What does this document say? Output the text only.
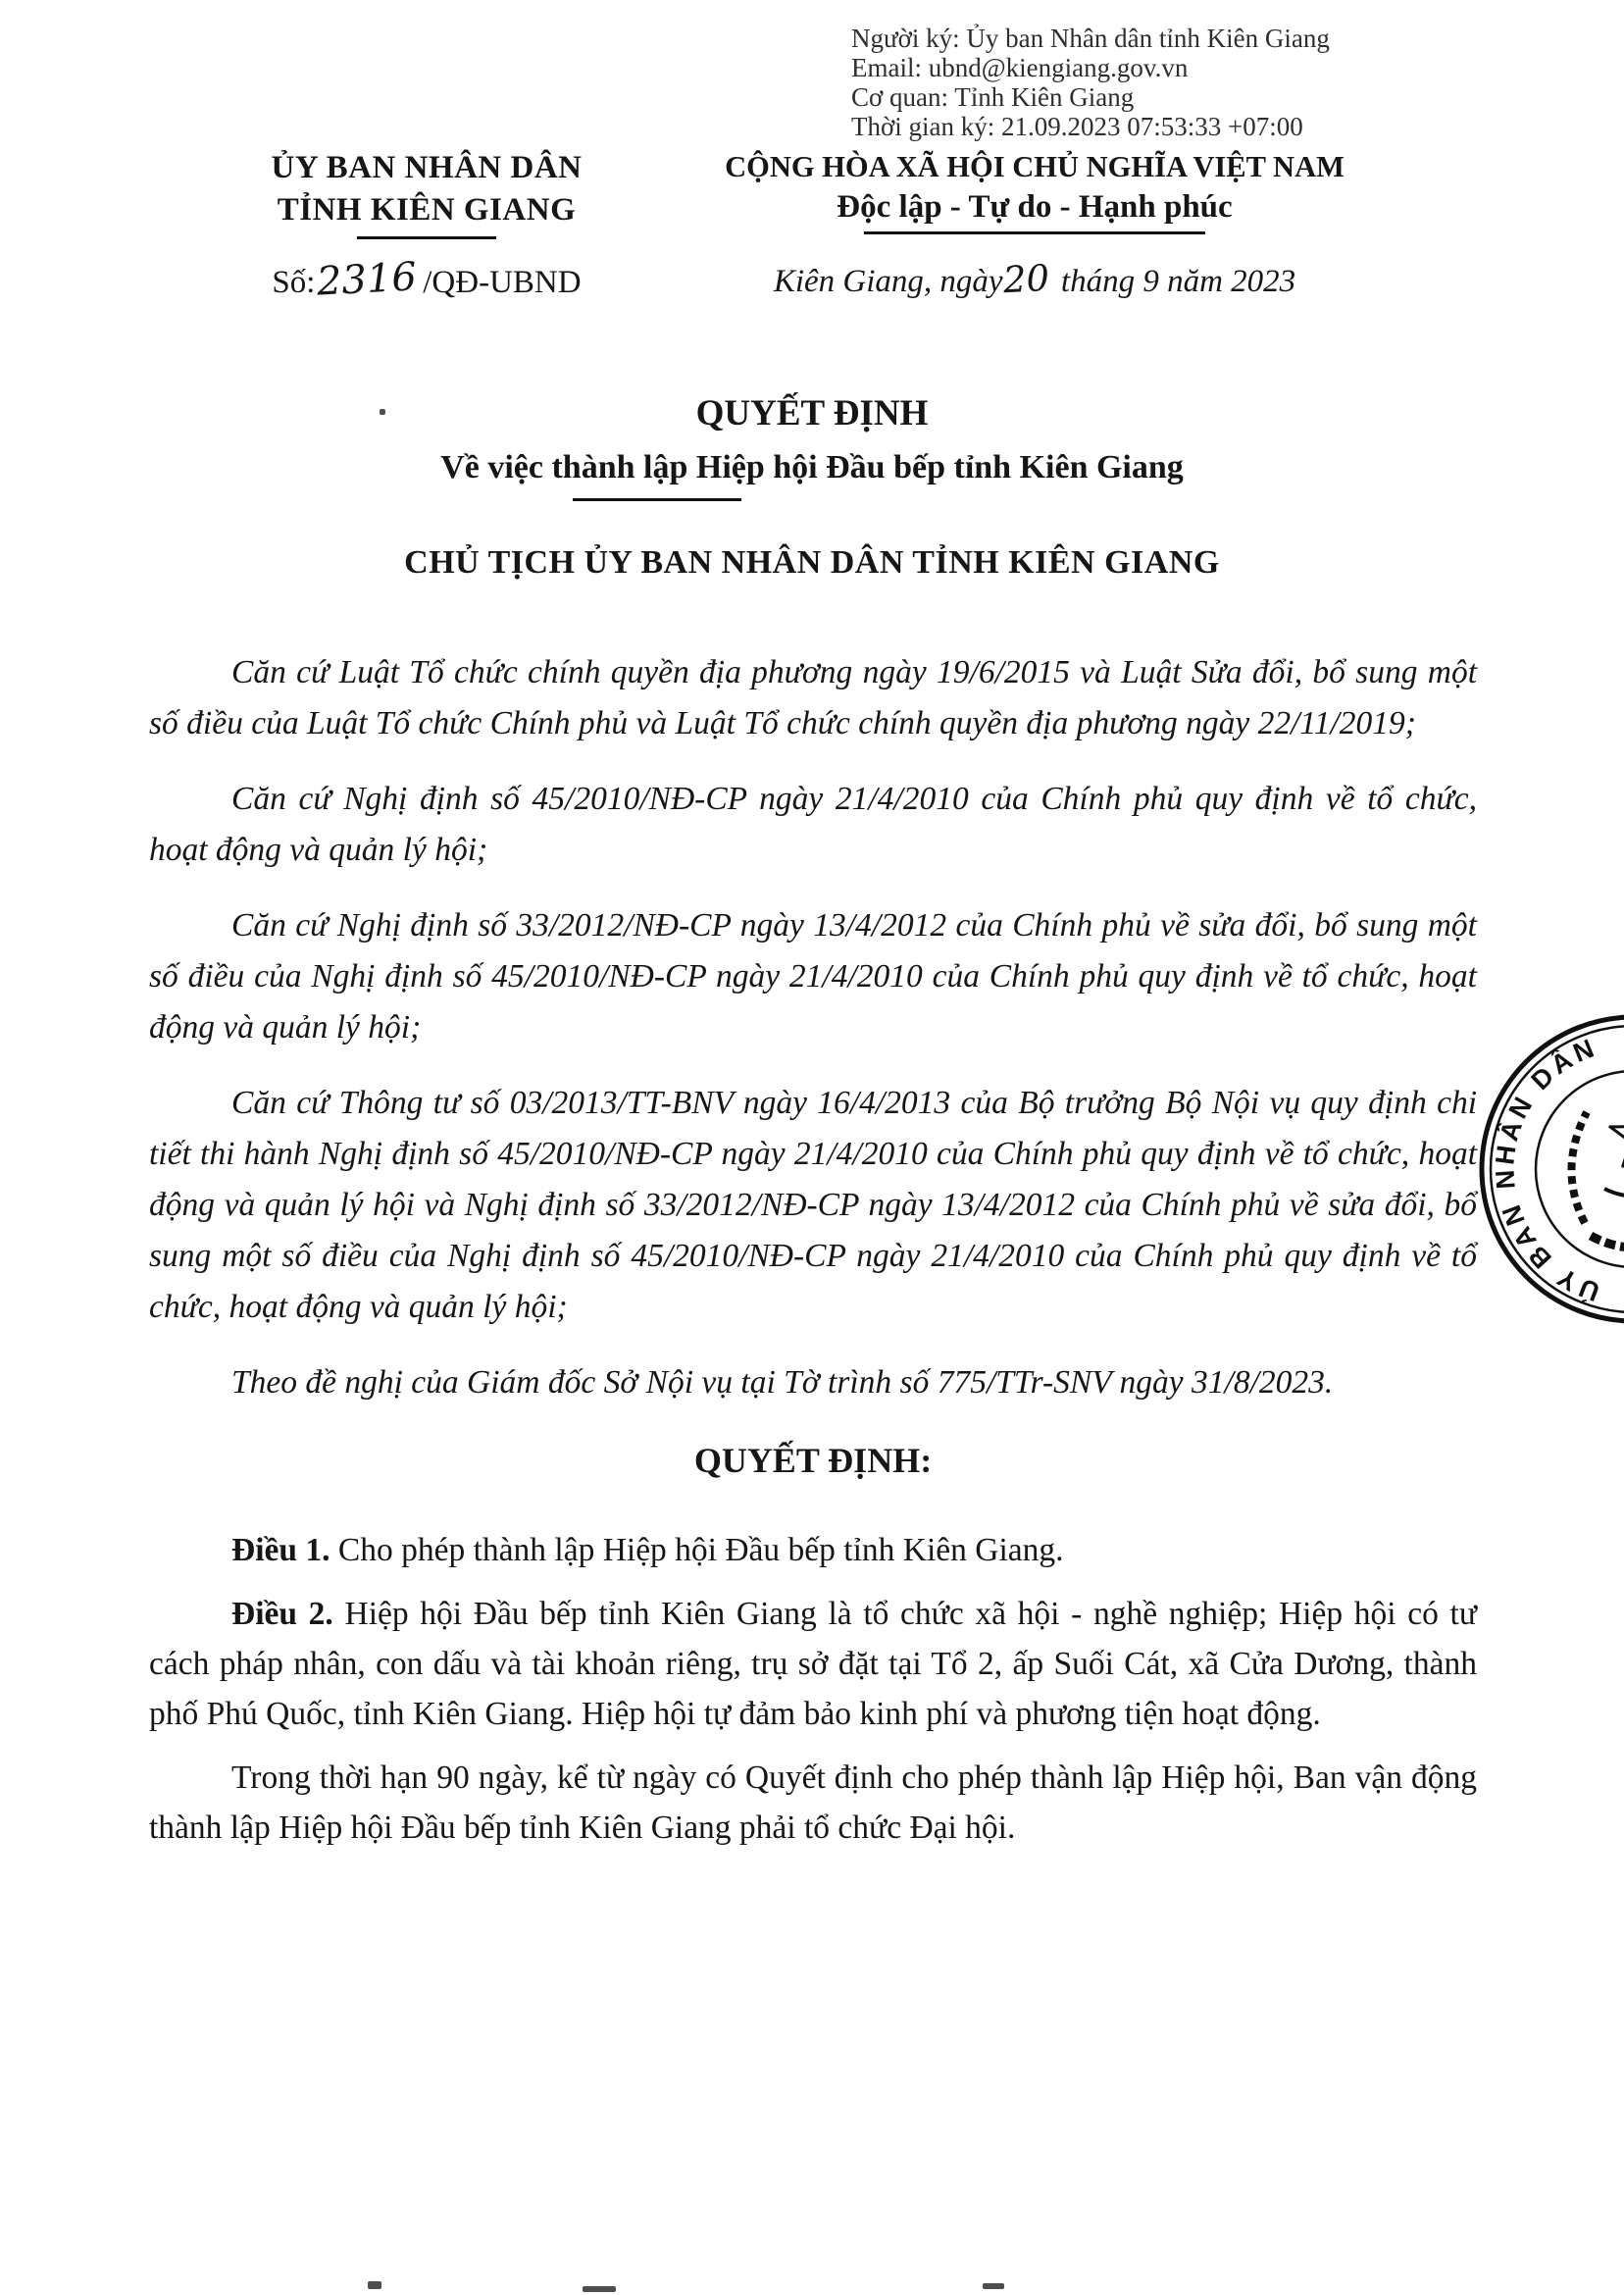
Người ký: Ủy ban Nhân dân tỉnh Kiên Giang
Email: ubnd@kiengiang.gov.vn
Cơ quan: Tỉnh Kiên Giang
Thời gian ký: 21.09.2023 07:53:33 +07:00
ỦY BAN NHÂN DÂN
TỈNH KIÊN GIANG
Số:2316 /QĐ-UBND
CỘNG HÒA XÃ HỘI CHỦ NGHĨA VIỆT NAM
Độc lập - Tự do - Hạnh phúc
Kiên Giang, ngày20 tháng 9 năm 2023
QUYẾT ĐỊNH
Về việc thành lập Hiệp hội Đầu bếp tỉnh Kiên Giang
CHỦ TỊCH ỦY BAN NHÂN DÂN TỈNH KIÊN GIANG

Căn cứ Luật Tổ chức chính quyền địa phương ngày 19/6/2015 và Luật Sửa đổi, bổ sung một số điều của Luật Tổ chức Chính phủ và Luật Tổ chức chính quyền địa phương ngày 22/11/2019;

Căn cứ Nghị định số 45/2010/NĐ-CP ngày 21/4/2010 của Chính phủ quy định về tổ chức, hoạt động và quản lý hội;

Căn cứ Nghị định số 33/2012/NĐ-CP ngày 13/4/2012 của Chính phủ về sửa đổi, bổ sung một số điều của Nghị định số 45/2010/NĐ-CP ngày 21/4/2010 của Chính phủ quy định về tổ chức, hoạt động và quản lý hội;

Căn cứ Thông tư số 03/2013/TT-BNV ngày 16/4/2013 của Bộ trưởng Bộ Nội vụ quy định chi tiết thi hành Nghị định số 45/2010/NĐ-CP ngày 21/4/2010 của Chính phủ quy định về tổ chức, hoạt động và quản lý hội và Nghị định số 33/2012/NĐ-CP ngày 13/4/2012 của Chính phủ về sửa đổi, bổ sung một số điều của Nghị định số 45/2010/NĐ-CP ngày 21/4/2010 của Chính phủ quy định về tổ chức, hoạt động và quản lý hội;

Theo đề nghị của Giám đốc Sở Nội vụ tại Tờ trình số 775/TTr-SNV ngày 31/8/2023.

QUYẾT ĐỊNH:

Điều 1. Cho phép thành lập Hiệp hội Đầu bếp tỉnh Kiên Giang.

Điều 2. Hiệp hội Đầu bếp tỉnh Kiên Giang là tổ chức xã hội - nghề nghiệp; Hiệp hội có tư cách pháp nhân, con dấu và tài khoản riêng, trụ sở đặt tại Tổ 2, ấp Suối Cát, xã Cửa Dương, thành phố Phú Quốc, tỉnh Kiên Giang. Hiệp hội tự đảm bảo kinh phí và phương tiện hoạt động.

Trong thời hạn 90 ngày, kể từ ngày có Quyết định cho phép thành lập Hiệp hội, Ban vận động thành lập Hiệp hội Đầu bếp tỉnh Kiên Giang phải tổ chức Đại hội.

ỦY BAN NHÂN DÂN
